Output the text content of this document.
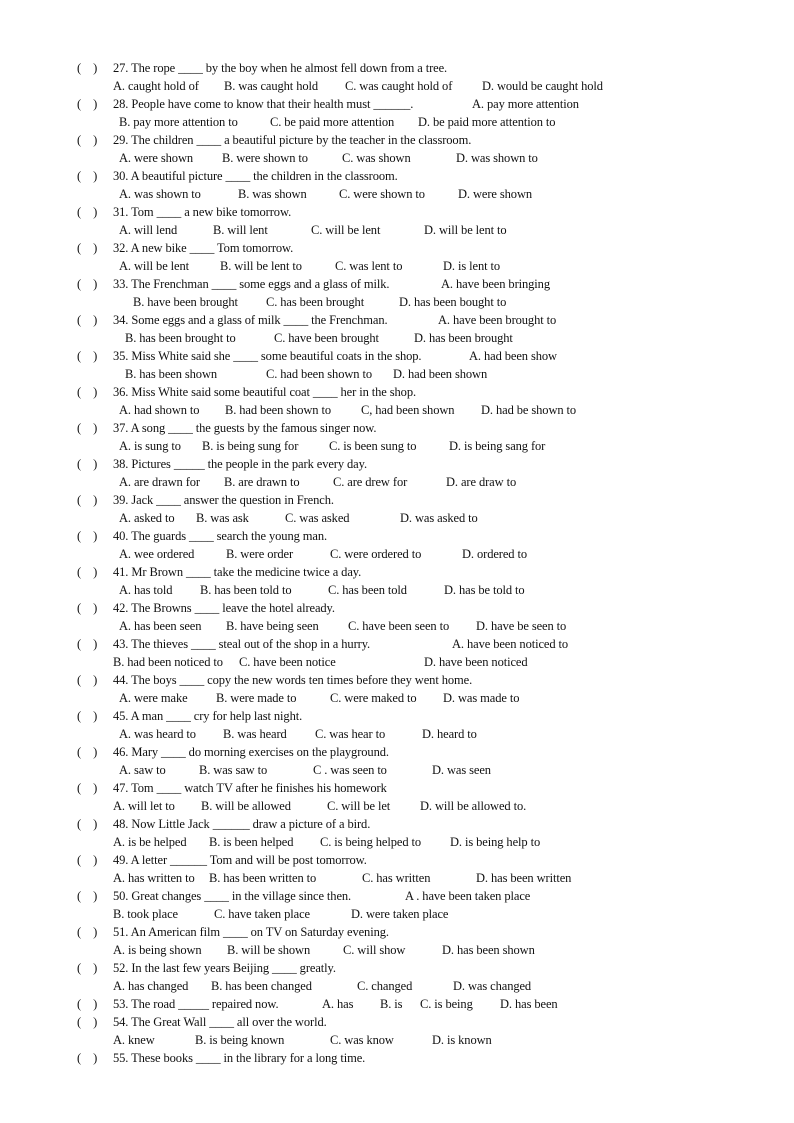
(    ) 27. The rope ____ by the boy when he almost fell down from a tree.
A. caught hold of B. was caught hold C. was caught hold of D. would be caught hold
(    ) 28. People have come to know that their health must ______.	A. pay more attention
B. pay more attention to	C. be paid more attention D. be paid more attention to
(    ) 29. The children ____ a beautiful picture by the teacher in the classroom.
A. were shown B. were shown to	C. was shown	D. was shown to
(    ) 30. A beautiful picture ____ the children in the classroom.
A. was shown to	B. was shown	C. were shown to	D. were shown
(    ) 31. Tom ____ a new bike tomorrow.
A. will lend	B. will lent	C. will be lent	D. will be lent to
(    ) 32. A new bike ____ Tom tomorrow.
A. will be lent B. will be lent to	C. was lent to	D. is lent to
(    ) 33. The Frenchman ____ some eggs and a glass of milk.	A. have been bringing
B. have been brought C. has been brought	D. has been bought to
(    ) 34. Some eggs and a glass of milk ____ the Frenchman.	A. have been brought to
B. has been brought to	C. have been brought	D. has been brought
(    ) 35. Miss White said she ____ some beautiful coats in the shop.	A. had been show
B. has been shown	C. had been shown to D. had been shown
(    ) 36. Miss White said some beautiful coat ____ her in the shop.
A. had shown to B. had been shown to C, had been shown D. had be shown to
(    ) 37. A song ____ the guests by the famous singer now.
A. is sung to B. is being sung for C. is been sung to	D. is being sang for
(    ) 38. Pictures _____ the people in the park every day.
A. are drawn for B. are drawn to	C. are drew for	D. are draw to
(    ) 39. Jack ____ answer the question in French.
A. asked to B. was ask	C. was asked	D. was asked to
(    ) 40. The guards ____ search the young man.
A. wee ordered	B. were order	C. were ordered to	D. ordered to
(    ) 41. Mr Brown ____ take the medicine twice a day.
A. has told B. has been told to	C. has been told	D. has be told to
(    ) 42. The Browns ____ leave the hotel already.
A. has been seen B. have being seen C. have been seen to D. have be seen to
(    ) 43. The thieves ____ steal out of the shop in a hurry.	A. have been noticed to
B. had been noticed to C. have been notice	D. have been noticed
(    ) 44. The boys ____ copy the new words ten times before they went home.
A. were make B. were made to	C. were maked to D. was made to
(    ) 45. A man ____ cry for help last night.
A. was heard to B. was heard C. was hear to	D. heard to
(    ) 46. Mary ____ do morning exercises on the playground.
A. saw to	B. was saw to	C . was seen to	D. was seen
(    ) 47. Tom ____ watch TV after he finishes his homework
A. will let to B. will be allowed	C. will be let D. will be allowed to.
(    ) 48. Now Little Jack ______ draw a picture of a bird.
A. is be helped B. is been helped C. is being helped to D. is being help to
(    ) 49. A letter ______ Tom and will be post tomorrow.
A. has written to B. has been written to	C. has written	D. has been written
(    ) 50. Great changes ____ in the village since then.	A . have been taken place
B. took place	C. have taken place	D. were taken place
(    ) 51. An American film ____ on TV on Saturday evening.
A. is being shown B. will be shown	C. will show	D. has been shown
(    ) 52. In the last few years Beijing ____ greatly.
A. has changed B. has been changed	C. changed	D. was changed
(    ) 53. The road _____ repaired now.	A. has B. is C. is being D. has been
(    ) 54. The Great Wall ____ all over the world.
A. knew	B. is being known	C. was know	D. is known
(    ) 55. These books ____ in the library for a long time.
